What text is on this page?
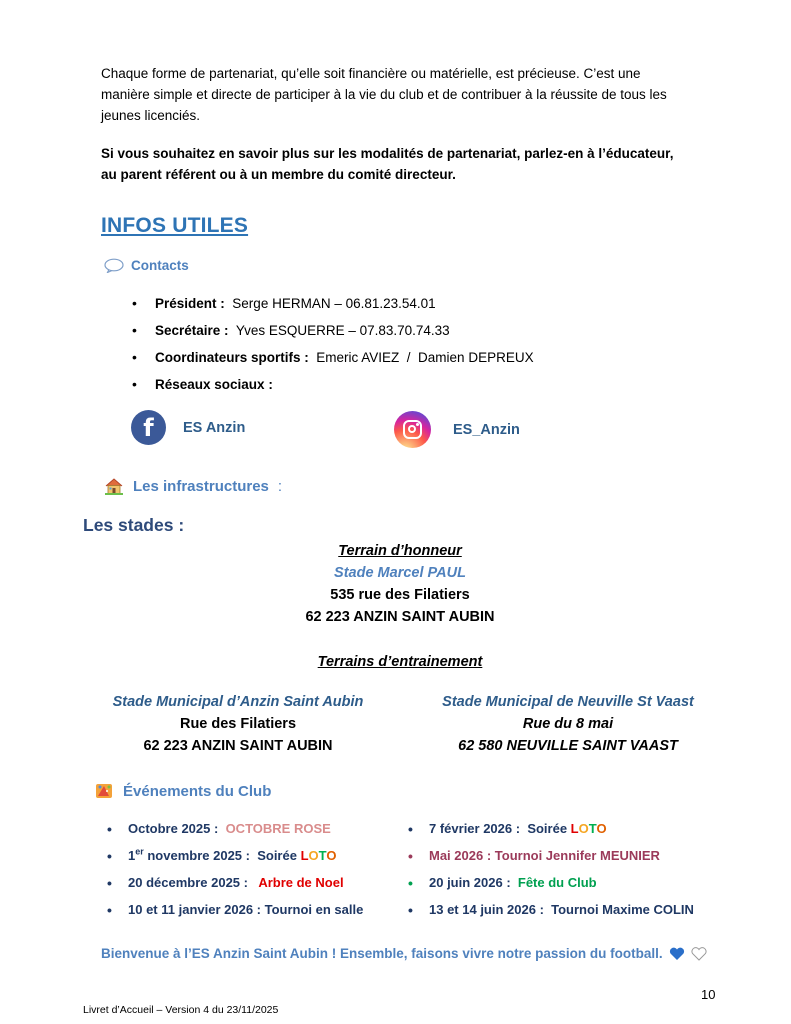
Chaque forme de partenariat, qu’elle soit financière ou matérielle, est précieuse. C’est une manière simple et directe de participer à la vie du club et de contribuer à la réussite de tous les jeunes licenciés.

Si vous souhaitez en savoir plus sur les modalités de partenariat, parlez-en à l’éducateur, au parent référent ou à un membre du comité directeur.

INFOS UTILES
Contacts
• Président : Serge HERMAN – 06.81.23.54.01
• Secrétaire : Yves ESQUERRE – 07.83.70.74.33
• Coordinateurs sportifs : Emeric AVIEZ  /  Damien DEPREUX
• Réseaux sociaux :
f ES Anzin	ES_Anzin
Les infrastructures :
Les stades :
Terrain d’honneur
Stade Marcel PAUL
535 rue des Filatiers
62 223 ANZIN SAINT AUBIN
Terrains d’entrainement
Stade Municipal d’Anzin Saint Aubin
Rue des Filatiers
62 223 ANZIN SAINT AUBIN
Stade Municipal de Neuville St Vaast
Rue du 8 mai
62 580 NEUVILLE SAINT VAAST
Événements du Club
• Octobre 2025 : OCTOBRE ROSE
• 1er novembre 2025 : Soirée LOTO
• 20 décembre 2025 : Arbre de Noel
• 10 et 11 janvier 2026 : Tournoi en salle
• 7 février 2026 : Soirée LOTO
• Mai 2026 : Tournoi Jennifer MEUNIER
• 20 juin 2026 : Fête du Club
• 13 et 14 juin 2026 : Tournoi Maxime COLIN
Bienvenue à l’ES Anzin Saint Aubin ! Ensemble, faisons vivre notre passion du football.
10
Livret d’Accueil – Version 4 du 23/11/2025
